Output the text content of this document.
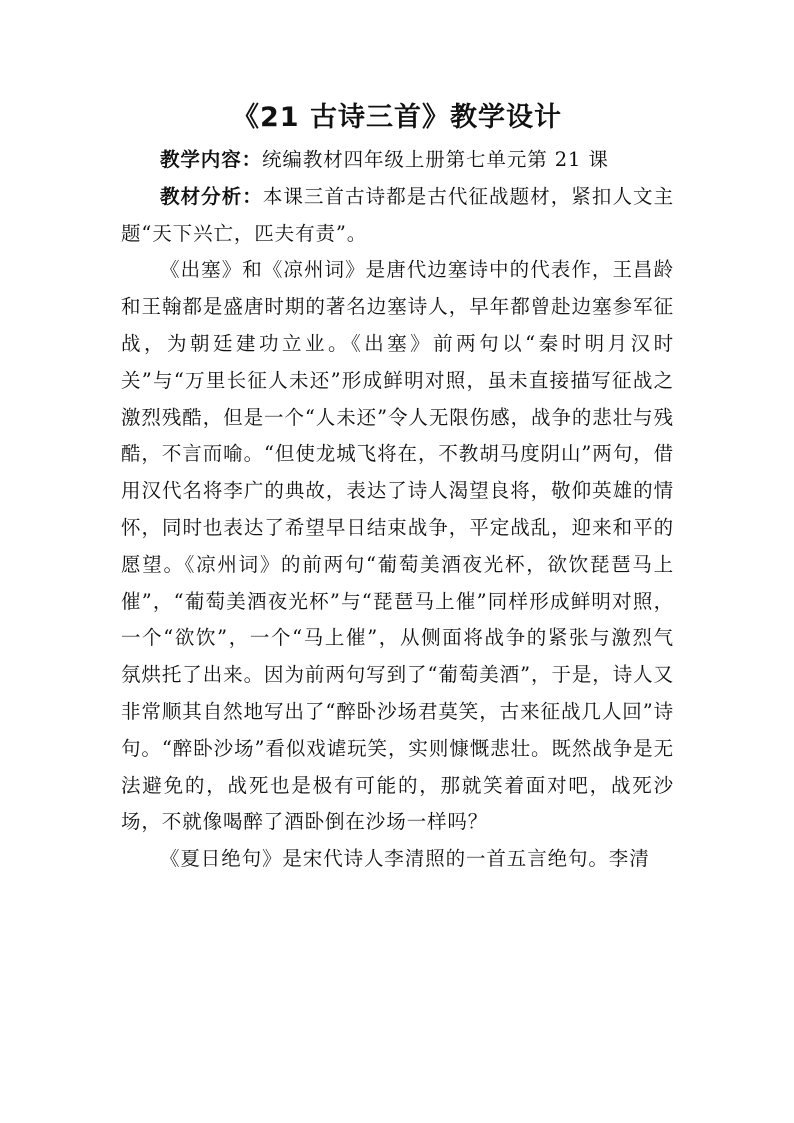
《21 古诗三首》教学设计

教学内容：统编教材四年级上册第七单元第 21 课

教材分析：本课三首古诗都是古代征战题材，紧扣人文主题“天下兴亡，匹夫有责”。

《出塞》和《凉州词》是唐代边塞诗中的代表作，王昌龄和王翰都是盛唐时期的著名边塞诗人，早年都曾赴边塞参军征战，为朝廷建功立业。《出塞》前两句以“秦时明月汉时关”与“万里长征人未还”形成鲜明对照，虽未直接描写征战之激烈残酷，但是一个“人未还”令人无限伤感，战争的悲壮与残酷，不言而喻。“但使龙城飞将在，不教胡马度阴山”两句，借用汉代名将李广的典故，表达了诗人渴望良将，敬仰英雄的情怀，同时也表达了希望早日结束战争，平定战乱，迎来和平的愿望。《凉州词》的前两句“葡萄美酒夜光杯，欲饮琵琶马上催”，“葡萄美酒夜光杯”与“琵琶马上催”同样形成鲜明对照，一个“欲饮”，一个“马上催”，从侧面将战争的紧张与激烈气氛烘托了出来。因为前两句写到了“葡萄美酒”，于是，诗人又非常顺其自然地写出了“醉卧沙场君莫笑，古来征战几人回”诗句。“醉卧沙场”看似戏谑玩笑，实则慷慨悲壮。既然战争是无法避免的，战死也是极有可能的，那就笑着面对吧，战死沙场，不就像喝醉了酒卧倒在沙场一样吗？

《夏日绝句》是宋代诗人李清照的一首五言绝句。李清
